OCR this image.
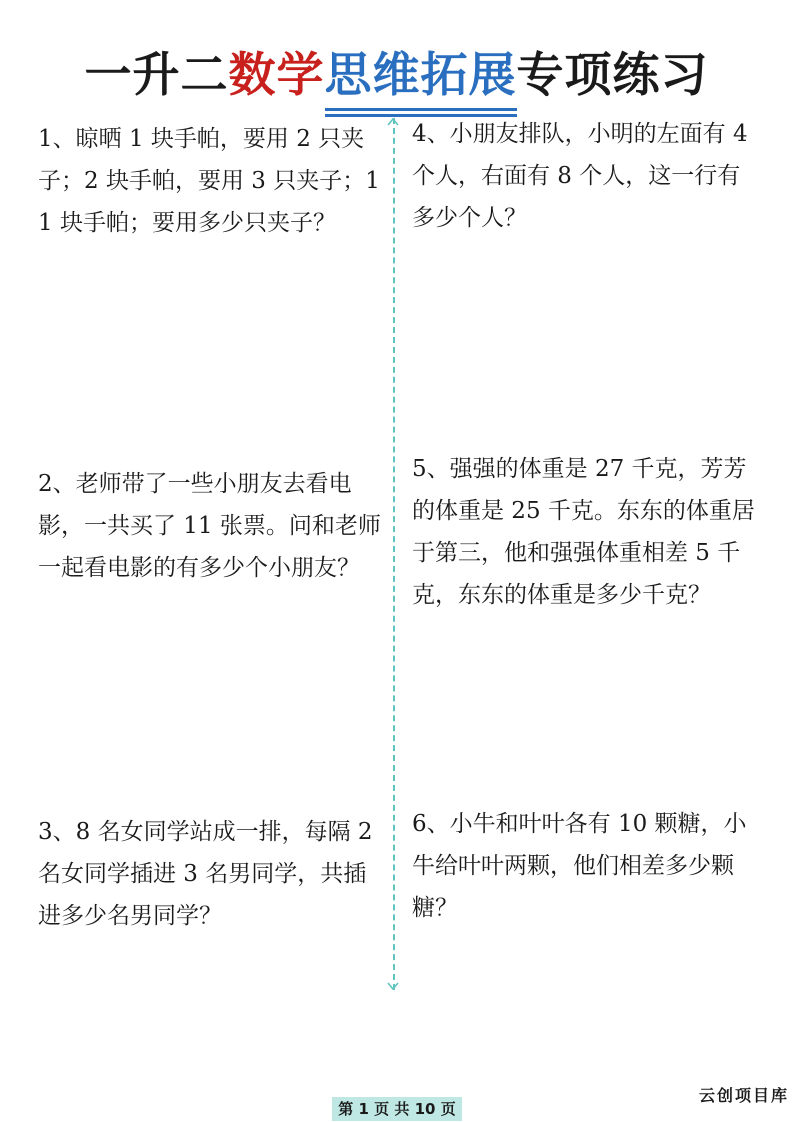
一升二数学思维拓展专项练习
1、晾晒 1 块手帕，要用 2 只夹子；2 块手帕，要用 3 只夹子；11 块手帕；要用多少只夹子？
2、老师带了一些小朋友去看电影，一共买了 11 张票。问和老师一起看电影的有多少个小朋友？
3、8 名女同学站成一排，每隔 2 名女同学插进 3 名男同学，共插进多少名男同学？
4、小朋友排队，小明的左面有 4 个人，右面有 8 个人，这一行有多少个人？
5、强强的体重是 27 千克，芳芳的体重是 25 千克。东东的体重居于第三，他和强强体重相差 5 千克，东东的体重是多少千克？
6、小牛和叶叶各有 10 颗糖，小牛给叶叶两颗，他们相差多少颗糖？
第 1 页 共 10 页
云创项目库
